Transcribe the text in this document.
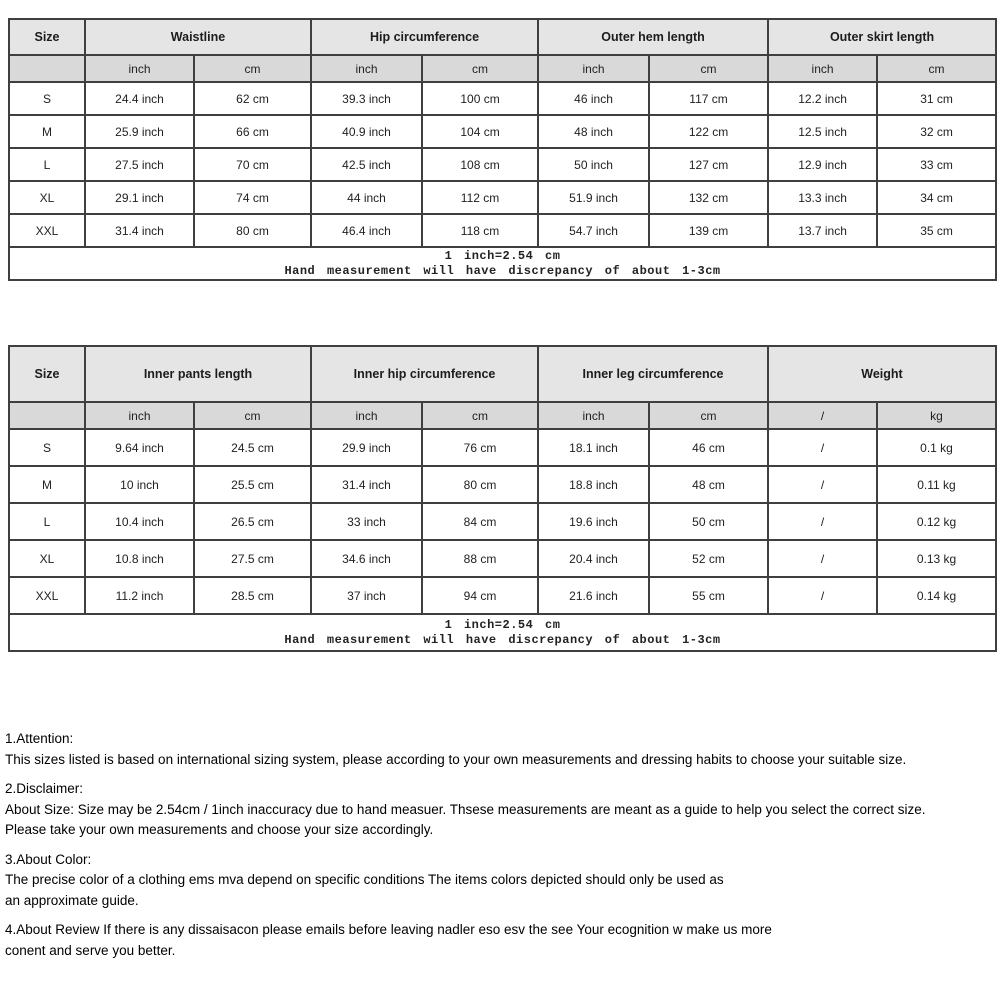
Size	Waistline		Hip circumference		Outer hem length		Outer skirt length	
	inch	cm	inch	cm	inch	cm	inch	cm
S	24.4 inch	62 cm	39.3 inch	100 cm	46 inch	117 cm	12.2 inch	31 cm
M	25.9 inch	66 cm	40.9 inch	104 cm	48 inch	122 cm	12.5 inch	32 cm
L	27.5 inch	70 cm	42.5 inch	108 cm	50 inch	127 cm	12.9 inch	33 cm
XL	29.1 inch	74 cm	44 inch	112 cm	51.9 inch	132 cm	13.3 inch	34 cm
XXL	31.4 inch	80 cm	46.4 inch	118 cm	54.7 inch	139 cm	13.7 inch	35 cm

1 inch=2.54 cm
Hand measurement will have discrepancy of about 1-3cm								
Size	Inner pants length		Inner hip circumference		Inner leg circumference		Weight	
	inch	cm	inch	cm	inch	cm	/	kg
S	9.64 inch	24.5 cm	29.9 inch	76 cm	18.1 inch	46 cm	/	0.1 kg
M	10 inch	25.5 cm	31.4 inch	80 cm	18.8 inch	48 cm	/	0.11 kg
L	10.4 inch	26.5 cm	33 inch	84 cm	19.6 inch	50 cm	/	0.12 kg
XL	10.8 inch	27.5 cm	34.6 inch	88 cm	20.4 inch	52 cm	/	0.13 kg
XXL	11.2 inch	28.5 cm	37 inch	94 cm	21.6 inch	55 cm	/	0.14 kg

1 inch=2.54 cm
Hand measurement will have discrepancy of about 1-3cm								
1.Attention:
This sizes listed is based on international sizing system, please according to your own measurements and dressing habits to choose your suitable size.
2.Disclaimer:
About Size: Size may be 2.54cm / 1inch inaccuracy due to hand measuer. Thsese measurements are meant as a guide to help you select the correct size.
Please take your own measurements and choose your size accordingly.
3.About Color:
The precise color of a clothing ems mva depend on specific conditions The items colors depicted should only be used as
an approximate guide.
4.About Review If there is any dissaisacon please emails before leaving nadler eso esv the see Your ecognition w make us more
conent and serve you better.
